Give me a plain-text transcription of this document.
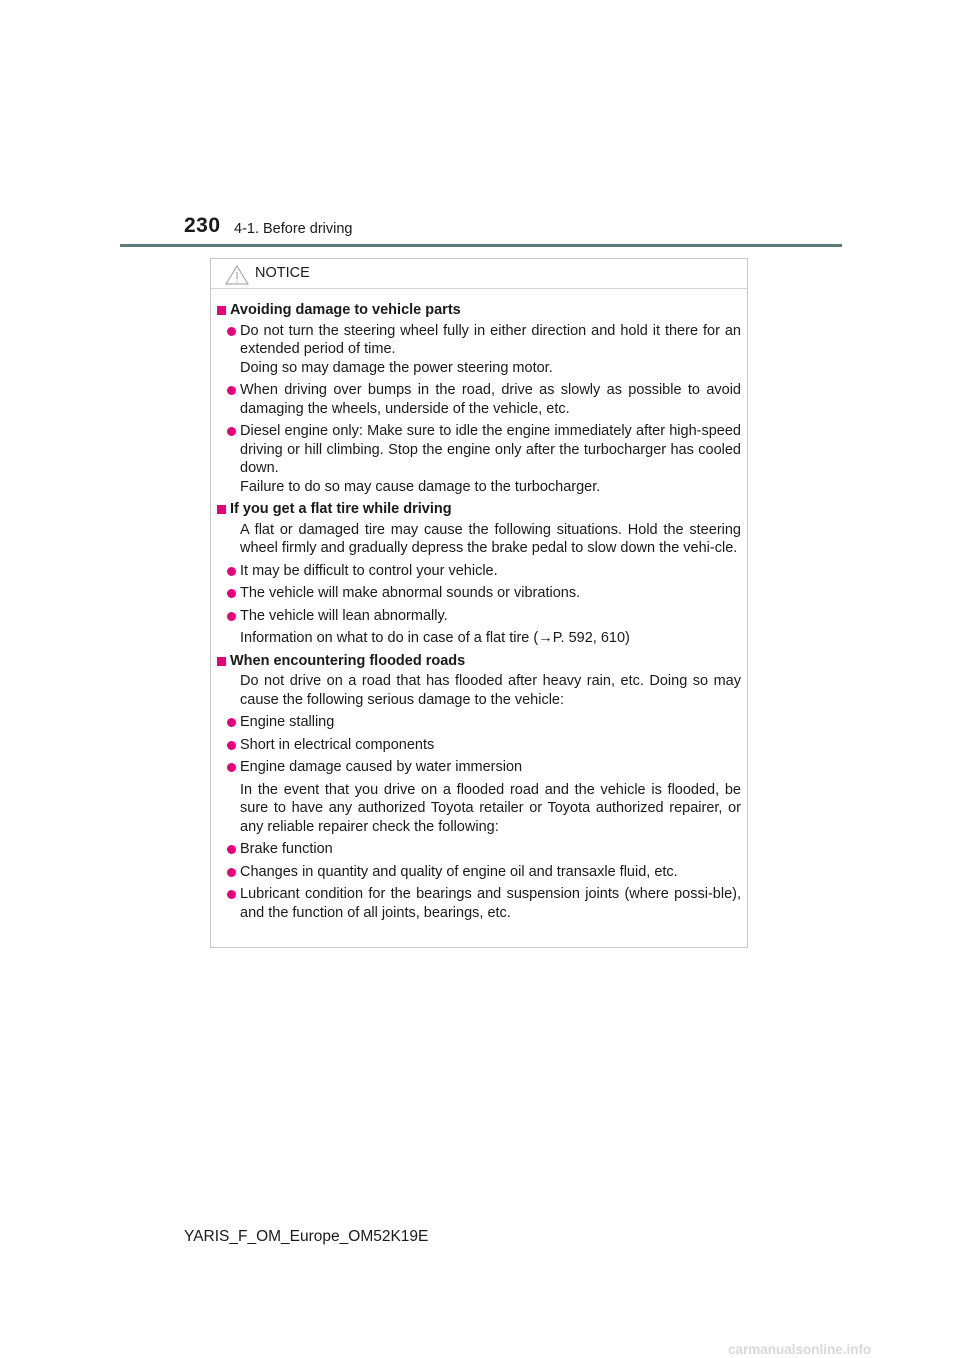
230 4-1. Before driving
NOTICE
Avoiding damage to vehicle parts
Do not turn the steering wheel fully in either direction and hold it there for an extended period of time.
Doing so may damage the power steering motor.
When driving over bumps in the road, drive as slowly as possible to avoid damaging the wheels, underside of the vehicle, etc.
Diesel engine only: Make sure to idle the engine immediately after high-speed driving or hill climbing. Stop the engine only after the turbocharger has cooled down.
Failure to do so may cause damage to the turbocharger.
If you get a flat tire while driving
A flat or damaged tire may cause the following situations. Hold the steering wheel firmly and gradually depress the brake pedal to slow down the vehi-cle.
It may be difficult to control your vehicle.
The vehicle will make abnormal sounds or vibrations.
The vehicle will lean abnormally.
Information on what to do in case of a flat tire (→P. 592, 610)
When encountering flooded roads
Do not drive on a road that has flooded after heavy rain, etc. Doing so may cause the following serious damage to the vehicle:
Engine stalling
Short in electrical components
Engine damage caused by water immersion
In the event that you drive on a flooded road and the vehicle is flooded, be sure to have any authorized Toyota retailer or Toyota authorized repairer, or any reliable repairer check the following:
Brake function
Changes in quantity and quality of engine oil and transaxle fluid, etc.
Lubricant condition for the bearings and suspension joints (where possi-ble), and the function of all joints, bearings, etc.
YARIS_F_OM_Europe_OM52K19E
carmanualsonline.info
